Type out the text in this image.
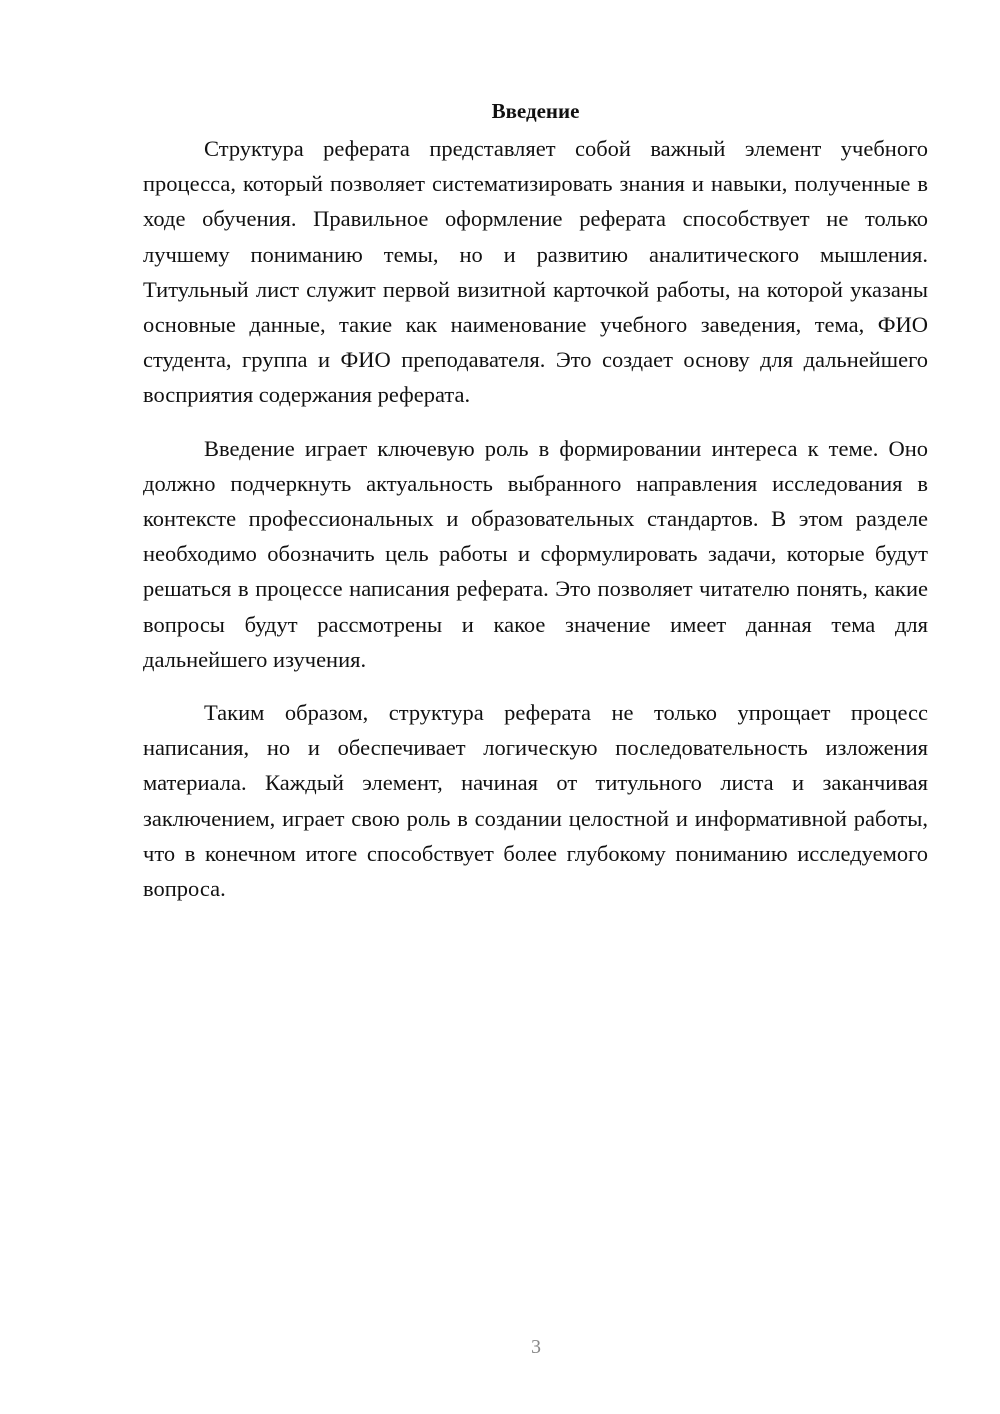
Введение

Структура реферата представляет собой важный элемент учебного процесса, который позволяет систематизировать знания и навыки, полученные в ходе обучения. Правильное оформление реферата способствует не только лучшему пониманию темы, но и развитию аналитического мышления. Титульный лист служит первой визитной карточкой работы, на которой указаны основные данные, такие как наименование учебного заведения, тема, ФИО студента, группа и ФИО преподавателя. Это создает основу для дальнейшего восприятия содержания реферата.

Введение играет ключевую роль в формировании интереса к теме. Оно должно подчеркнуть актуальность выбранного направления исследования в контексте профессиональных и образовательных стандартов. В этом разделе необходимо обозначить цель работы и сформулировать задачи, которые будут решаться в процессе написания реферата. Это позволяет читателю понять, какие вопросы будут рассмотрены и какое значение имеет данная тема для дальнейшего изучения.

Таким образом, структура реферата не только упрощает процесс написания, но и обеспечивает логическую последовательность изложения материала. Каждый элемент, начиная от титульного листа и заканчивая заключением, играет свою роль в создании целостной и информативной работы, что в конечном итоге способствует более глубокому пониманию исследуемого вопроса.

3
